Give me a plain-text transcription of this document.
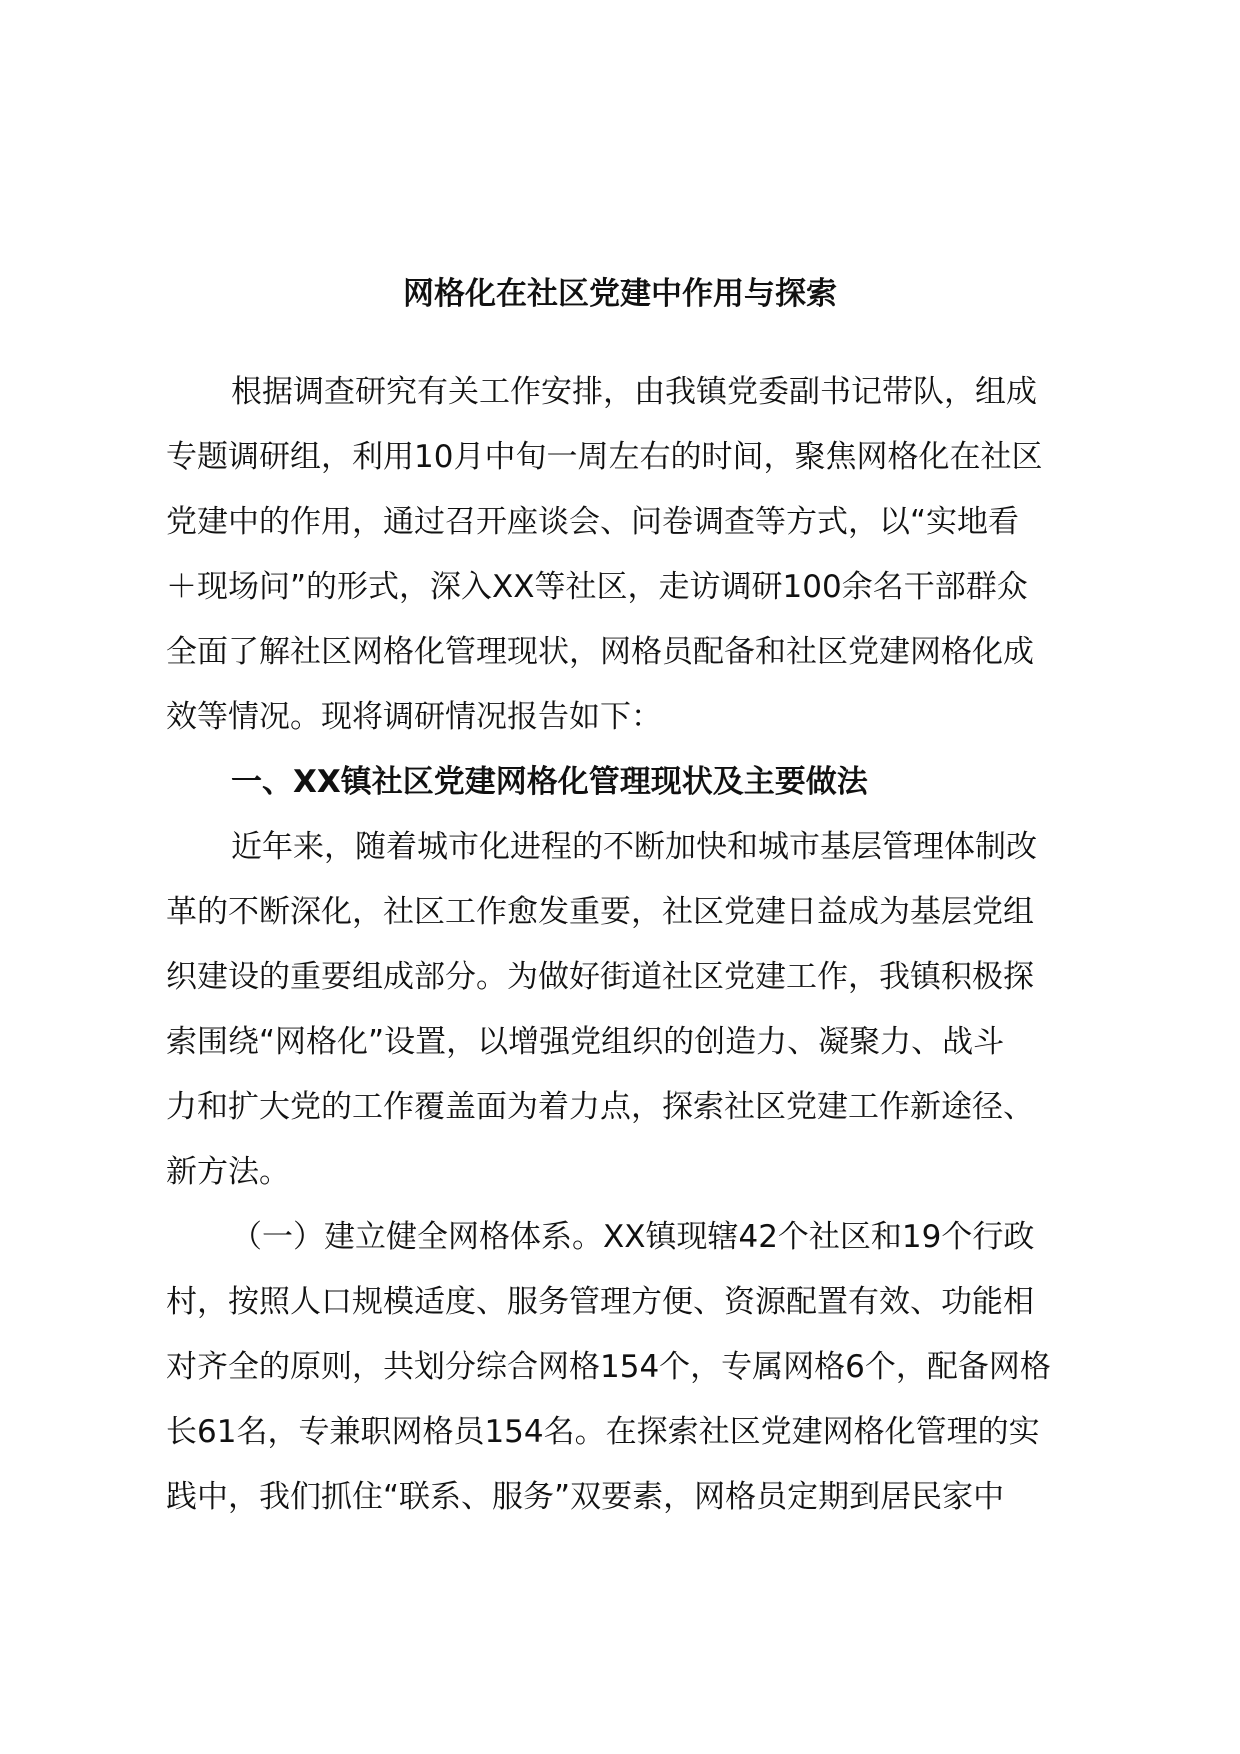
网格化在社区党建中作用与探索

根据调查研究有关工作安排，由我镇党委副书记带队，组成

专题调研组，利用10月中旬一周左右的时间，聚焦网格化在社区

党建中的作用，通过召开座谈会、问卷调查等方式，以“实地看

＋现场问”的形式，深入XX等社区，走访调研100余名干部群众

全面了解社区网格化管理现状，网格员配备和社区党建网格化成

效等情况。现将调研情况报告如下：

一、XX镇社区党建网格化管理现状及主要做法

近年来，随着城市化进程的不断加快和城市基层管理体制改

革的不断深化，社区工作愈发重要，社区党建日益成为基层党组

织建设的重要组成部分。为做好街道社区党建工作，我镇积极探

索围绕“网格化”设置，以增强党组织的创造力、凝聚力、战斗

力和扩大党的工作覆盖面为着力点，探索社区党建工作新途径、

新方法。

（一）建立健全网格体系。XX镇现辖42个社区和19个行政

村，按照人口规模适度、服务管理方便、资源配置有效、功能相

对齐全的原则，共划分综合网格154个，专属网格6个，配备网格

长61名，专兼职网格员154名。在探索社区党建网格化管理的实

践中，我们抓住“联系、服务”双要素，网格员定期到居民家中
